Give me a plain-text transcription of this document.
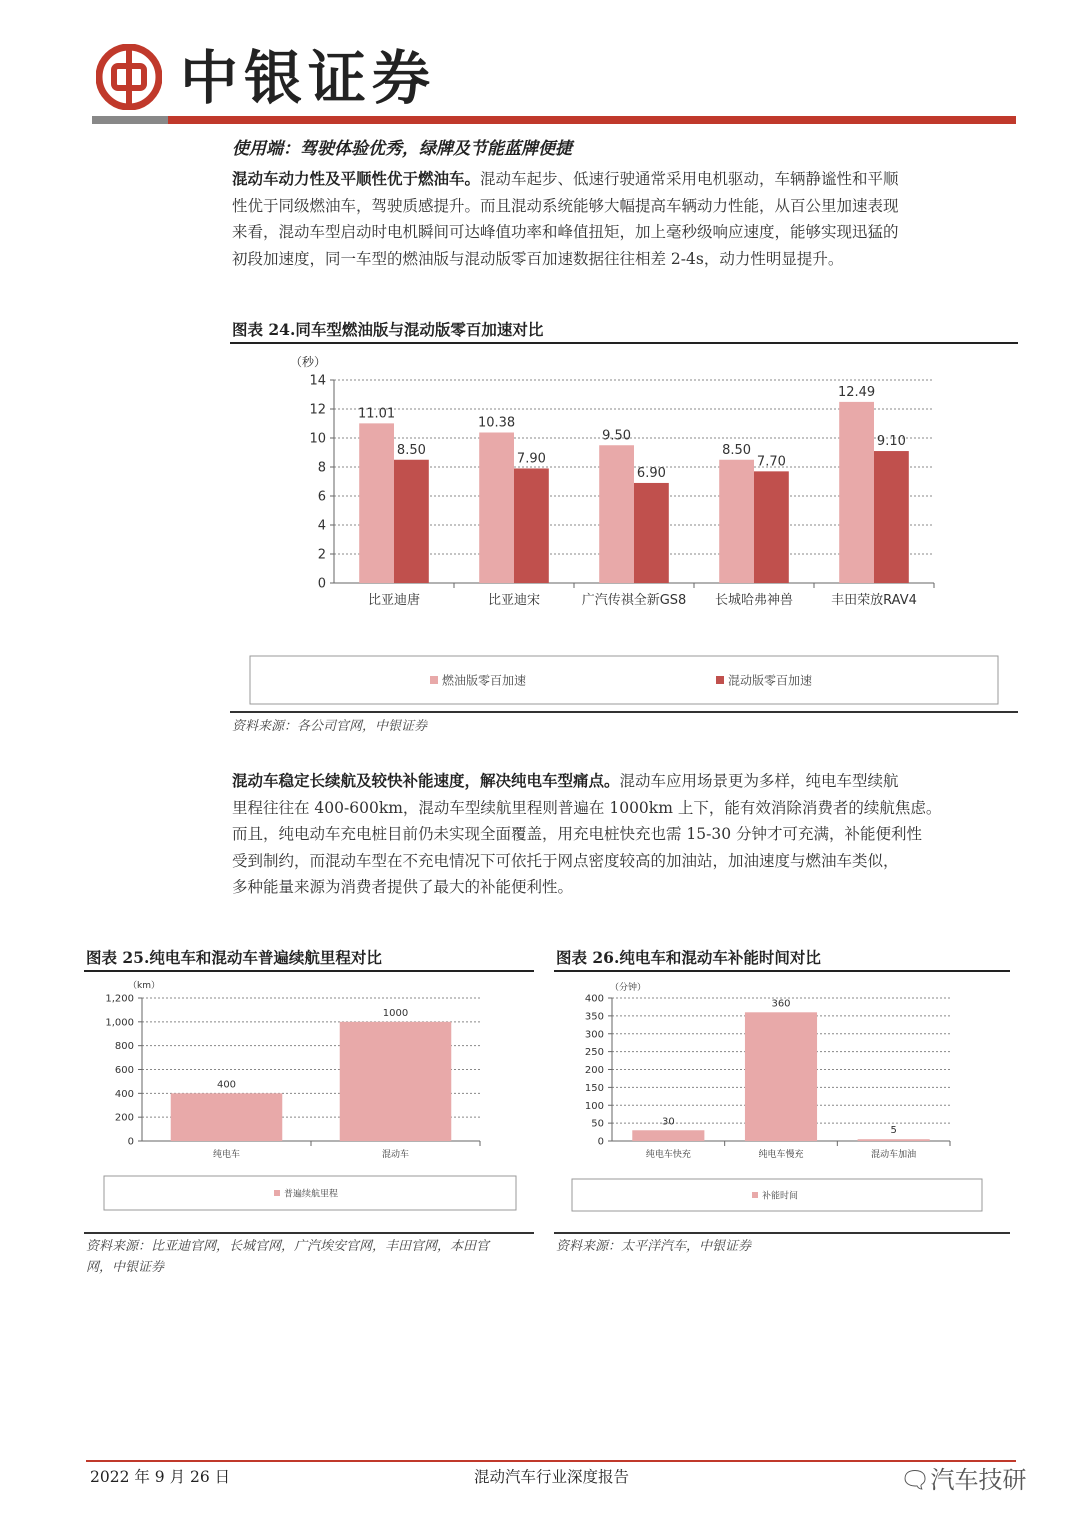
中银证券
使用端：驾驶体验优秀，绿牌及节能蓝牌便捷
混动车动力性及平顺性优于燃油车。混动车起步、低速行驶通常采用电机驱动，车辆静谧性和平顺
性优于同级燃油车，驾驶质感提升。而且混动系统能够大幅提高车辆动力性能，从百公里加速表现
来看，混动车型启动时电机瞬间可达峰值功率和峰值扭矩，加上毫秒级响应速度，能够实现迅猛的
初段加速度，同一车型的燃油版与混动版零百加速数据往往相差 2-4s，动力性明显提升。
图表 24.同车型燃油版与混动版零百加速对比
（秒）
0
2
4
6
8
10
12
14
11.01
8.50
比亚迪唐
10.38
7.90
比亚迪宋
9.50
6.90
广汽传祺全新GS8
8.50
7.70
长城哈弗神兽
12.49
9.10
丰田荣放RAV4
燃油版零百加速	混动版零百加速
资料来源：各公司官网，中银证券
混动车稳定长续航及较快补能速度，解决纯电车型痛点。混动车应用场景更为多样，纯电车型续航
里程往往在 400-600km，混动车型续航里程则普遍在 1000km 上下，能有效消除消费者的续航焦虑。
而且，纯电动车充电桩目前仍未实现全面覆盖，用充电桩快充也需 15-30 分钟才可充满，补能便利性
受到制约，而混动车型在不充电情况下可依托于网点密度较高的加油站，加油速度与燃油车类似，
多种能量来源为消费者提供了最大的补能便利性。
图表 25.纯电车和混动车普遍续航里程对比
（km）
0
200
400
600
800
1,000
1,200
400
纯电车
1000
混动车
普遍续航里程
资料来源：比亚迪官网，长城官网，广汽埃安官网，丰田官网，本田官
网，中银证券
图表 26.纯电车和混动车补能时间对比
（分钟）
0
50
100
150
200
250
300
350
400
30
纯电车快充
360
纯电车慢充
5
混动车加油
补能时间
资料来源：太平洋汽车，中银证券
2022 年 9 月 26 日	混动汽车行业深度报告	🗨汽车技研
